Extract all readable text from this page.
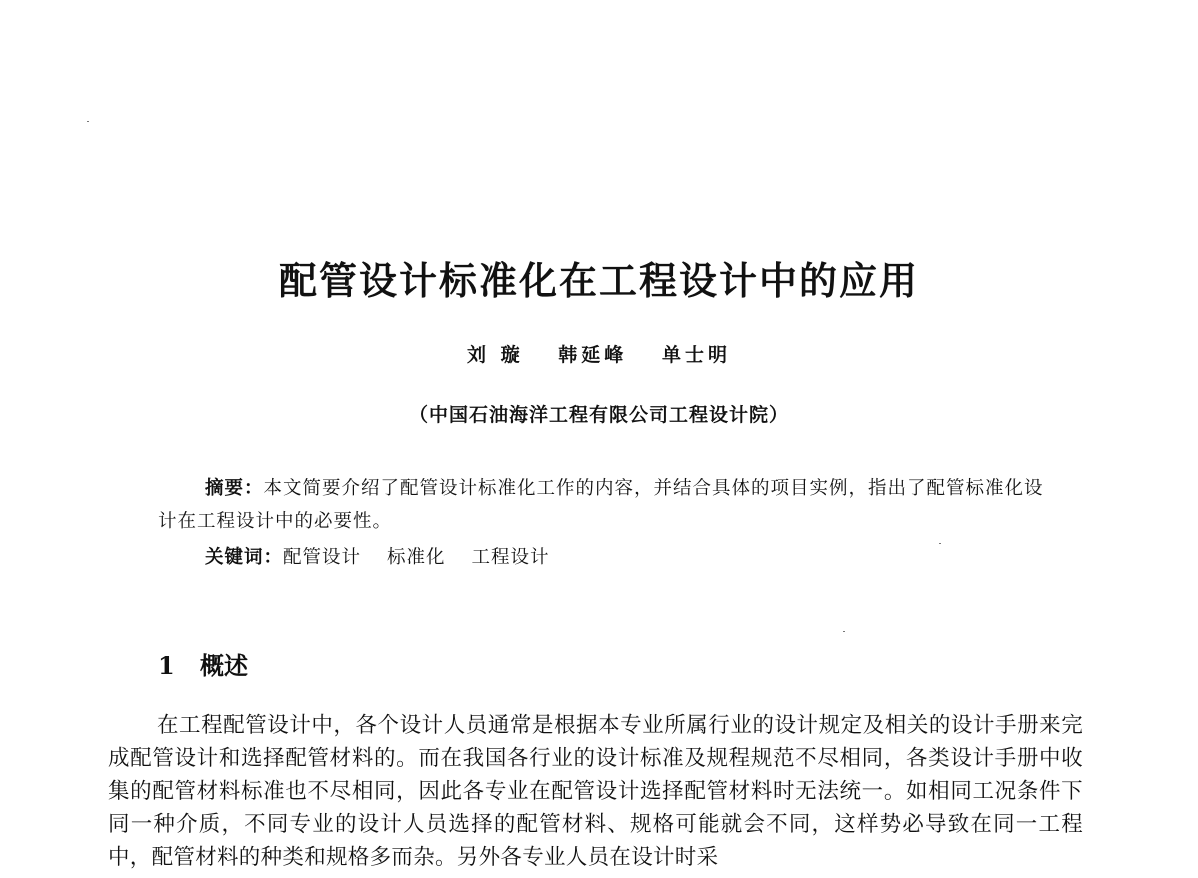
配管设计标准化在工程设计中的应用
刘 璇 韩延峰 单士明
（中国石油海洋工程有限公司工程设计院）

摘要：本文简要介绍了配管设计标准化工作的内容，并结合具体的项目实例，指出了配管标准化设计在工程设计中的必要性。

关键词：配管设计 标准化 工程设计
1 概述

在工程配管设计中，各个设计人员通常是根据本专业所属行业的设计规定及相关的设计手册来完成配管设计和选择配管材料的。而在我国各行业的设计标准及规程规范不尽相同，各类设计手册中收集的配管材料标准也不尽相同，因此各专业在配管设计选择配管材料时无法统一。如相同工况条件下同一种介质，不同专业的设计人员选择的配管材料、规格可能就会不同，这样势必导致在同一工程中，配管材料的种类和规格多而杂。另外各专业人员在设计时采
